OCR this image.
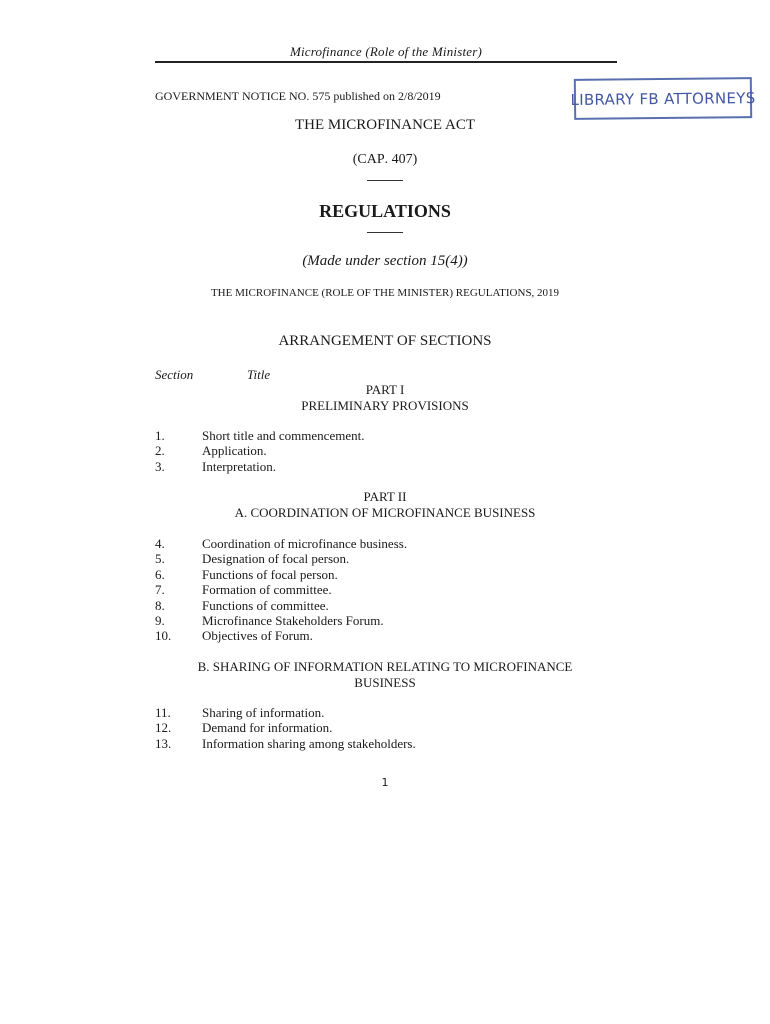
Microfinance (Role of the Minister)
GOVERNMENT NOTICE NO. 575 published on 2/8/2019	LIBRARY FB ATTORNEYS
THE MICROFINANCE ACT
(CAP. 407)
REGULATIONS
(Made under section 15(4))
THE MICROFINANCE (ROLE OF THE MINISTER) REGULATIONS, 2019
ARRANGEMENT OF SECTIONS
Section	Title
PART I
PRELIMINARY PROVISIONS
1.	Short title and commencement.
2.	Application.
3.	Interpretation.
PART II
A. COORDINATION OF MICROFINANCE BUSINESS
4.	Coordination of microfinance business.
5.	Designation of focal person.
6.	Functions of focal person.
7.	Formation of committee.
8.	Functions of committee.
9.	Microfinance Stakeholders Forum.
10. Objectives of Forum.
B. SHARING OF INFORMATION RELATING TO MICROFINANCE
BUSINESS
11. Sharing of information.
12. Demand for information.
13. Information sharing among stakeholders.
1
